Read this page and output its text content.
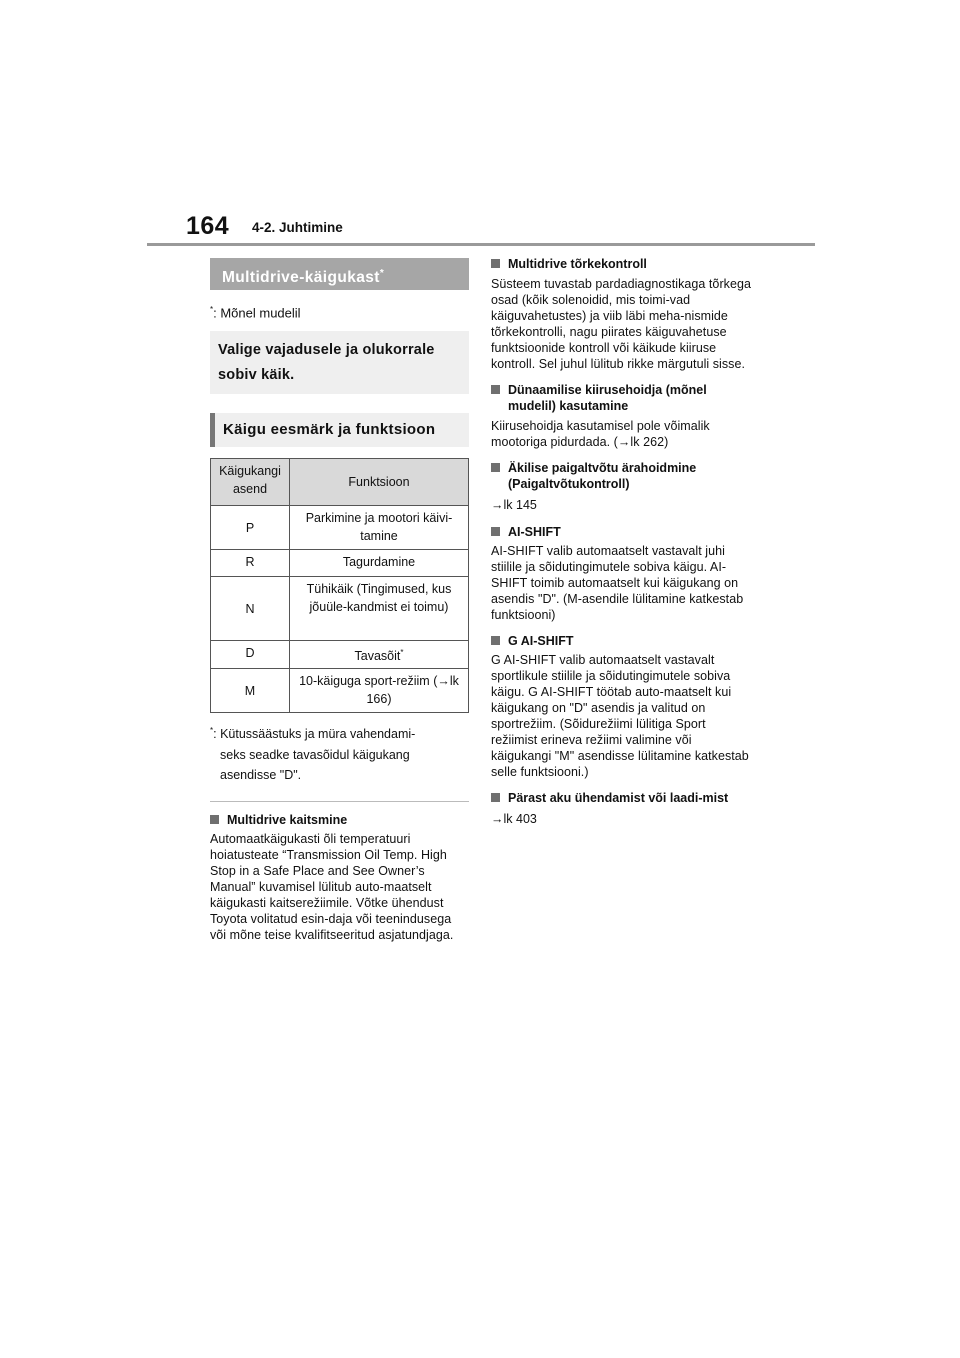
164 4-2. Juhtimine
Multidrive-käigukast*
*: Mõnel mudelil
Valige vajadusele ja olukorrale sobiv käik.
Käigu eesmärk ja funktsioon
Käigukangi asend	Funktsioon
P	Parkimine ja mootori käivi-tamine
R	Tagurdamine
N	Tühikäik (Tingimused, kus jõuüle-kandmist ei toimu)
D	Tavasõit*
M	10-käiguga sport-režiim (→lk 166)
*: Kütussäästuks ja müra vahendami-
seks seadke tavasõidul käigukang
asendisse "D".
Multidrive kaitsmine
Automaatkäigukasti õli temperatuuri hoiatusteate “Transmission Oil Temp. High Stop in a Safe Place and See Owner’s Manual” kuvamisel lülitub auto-maatselt käigukasti kaitserežiimile. Võtke ühendust Toyota volitatud esin-daja või teenindusega või mõne teise kvalifitseeritud asjatundjaga.
Multidrive tõrkekontroll
Süsteem tuvastab pardadiagnostikaga tõrkega osad (kõik solenoidid, mis toimi-vad käiguvahetustes) ja viib läbi meha-nismide tõrkekontrolli, nagu piirates käiguvahetuse funktsioonide kontroll või käikude kiiruse kontroll. Sel juhul lülitub rikke märgutuli sisse.
Dünaamilise kiirusehoidja (mõnel mudelil) kasutamine
Kiirusehoidja kasutamisel pole võimalik mootoriga pidurdada. (→lk 262)
Äkilise paigaltvõtu ärahoidmine (Paigaltvõtukontroll)
→lk 145
AI-SHIFT
AI-SHIFT valib automaatselt vastavalt juhi stiilile ja sõidutingimutele sobiva käigu. AI-SHIFT toimib automaatselt kui käigukang on asendis "D". (M-asendile lülitamine katkestab funktsiooni)
G AI-SHIFT
G AI-SHIFT valib automaatselt vastavalt sportlikule stiilile ja sõidutingimutele sobiva käigu. G AI-SHIFT töötab auto-maatselt kui käigukang on "D" asendis ja valitud on sportrežiim. (Sõidurežiimi lülitiga Sport režiimist erineva režiimi valimine või käigukangi "M" asendisse lülitamine katkestab selle funktsiooni.)
Pärast aku ühendamist või laadi-mist
→lk 403
